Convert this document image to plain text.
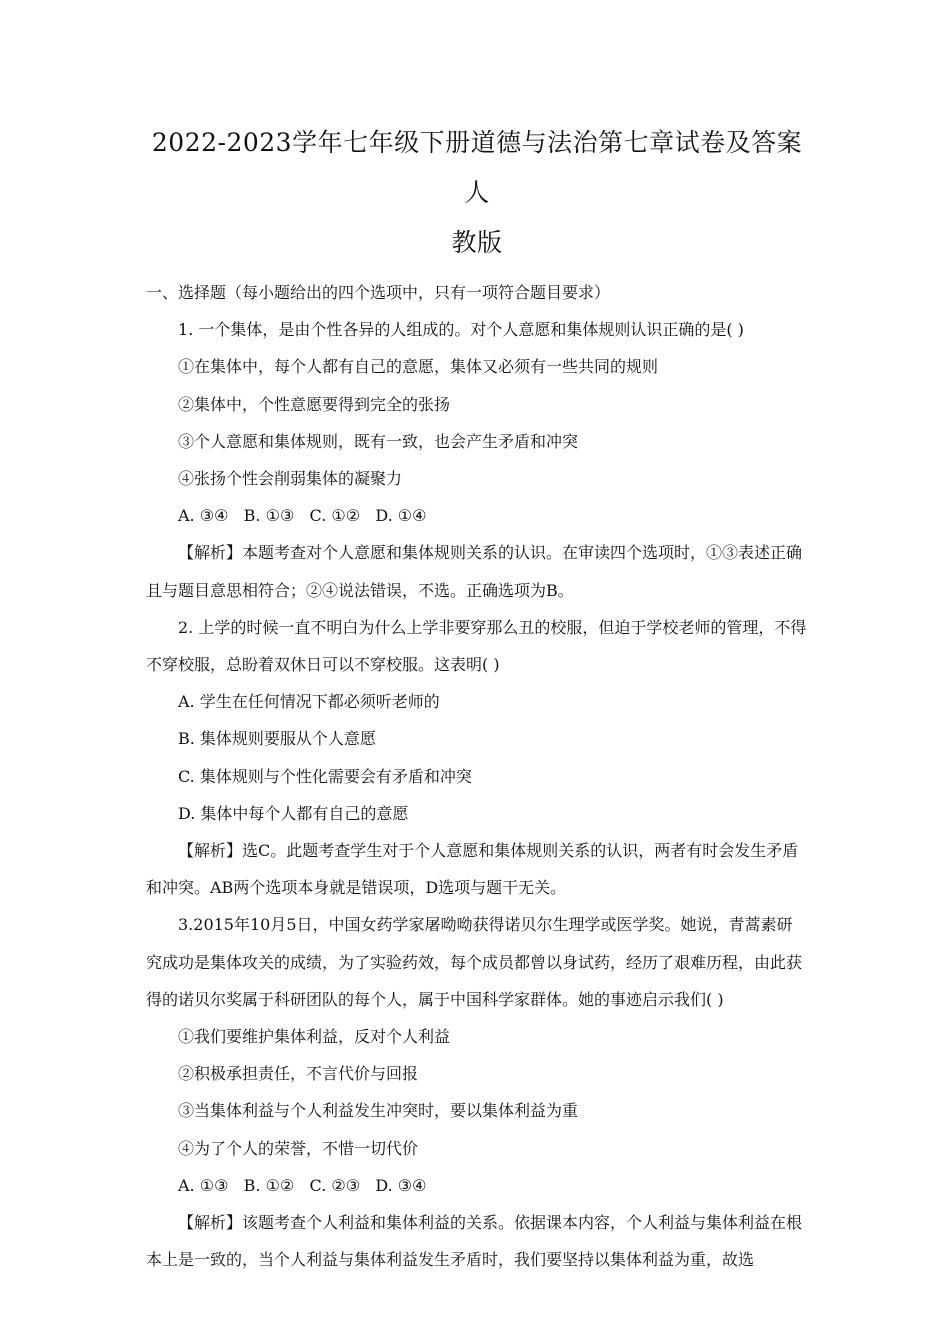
2022-2023学年七年级下册道德与法治第七章试卷及答案人
教版

一、选择题（每小题给出的四个选项中，只有一项符合题目要求）

1. 一个集体，是由个性各异的人组成的。对个人意愿和集体规则认识正确的是( )

①在集体中，每个人都有自己的意愿，集体又必须有一些共同的规则

②集体中，个性意愿要得到完全的张扬

③个人意愿和集体规则，既有一致，也会产生矛盾和冲突

④张扬个性会削弱集体的凝聚力

A. ③④   B. ①③   C. ①②   D. ①④

【解析】本题考查对个人意愿和集体规则关系的认识。在审读四个选项时，①③表述正确且与题目意思相符合；②④说法错误，不选。正确选项为B。

2. 上学的时候一直不明白为什么上学非要穿那么丑的校服，但迫于学校老师的管理，不得不穿校服，总盼着双休日可以不穿校服。这表明( )

A. 学生在任何情况下都必须听老师的

B. 集体规则要服从个人意愿

C. 集体规则与个性化需要会有矛盾和冲突

D. 集体中每个人都有自己的意愿

【解析】选C。此题考查学生对于个人意愿和集体规则关系的认识，两者有时会发生矛盾和冲突。AB两个选项本身就是错误项，D选项与题干无关。

3.2015年10月5日，中国女药学家屠呦呦获得诺贝尔生理学或医学奖。她说，青蒿素研究成功是集体攻关的成绩，为了实验药效，每个成员都曾以身试药，经历了艰难历程，由此获得的诺贝尔奖属于科研团队的每个人，属于中国科学家群体。她的事迹启示我们( )

①我们要维护集体利益，反对个人利益

②积极承担责任，不言代价与回报

③当集体利益与个人利益发生冲突时，要以集体利益为重

④为了个人的荣誉，不惜一切代价

A. ①③   B. ①②   C. ②③   D. ③④

【解析】该题考查个人利益和集体利益的关系。依据课本内容，个人利益与集体利益在根本上是一致的，当个人利益与集体利益发生矛盾时，我们要坚持以集体利益为重，故选
